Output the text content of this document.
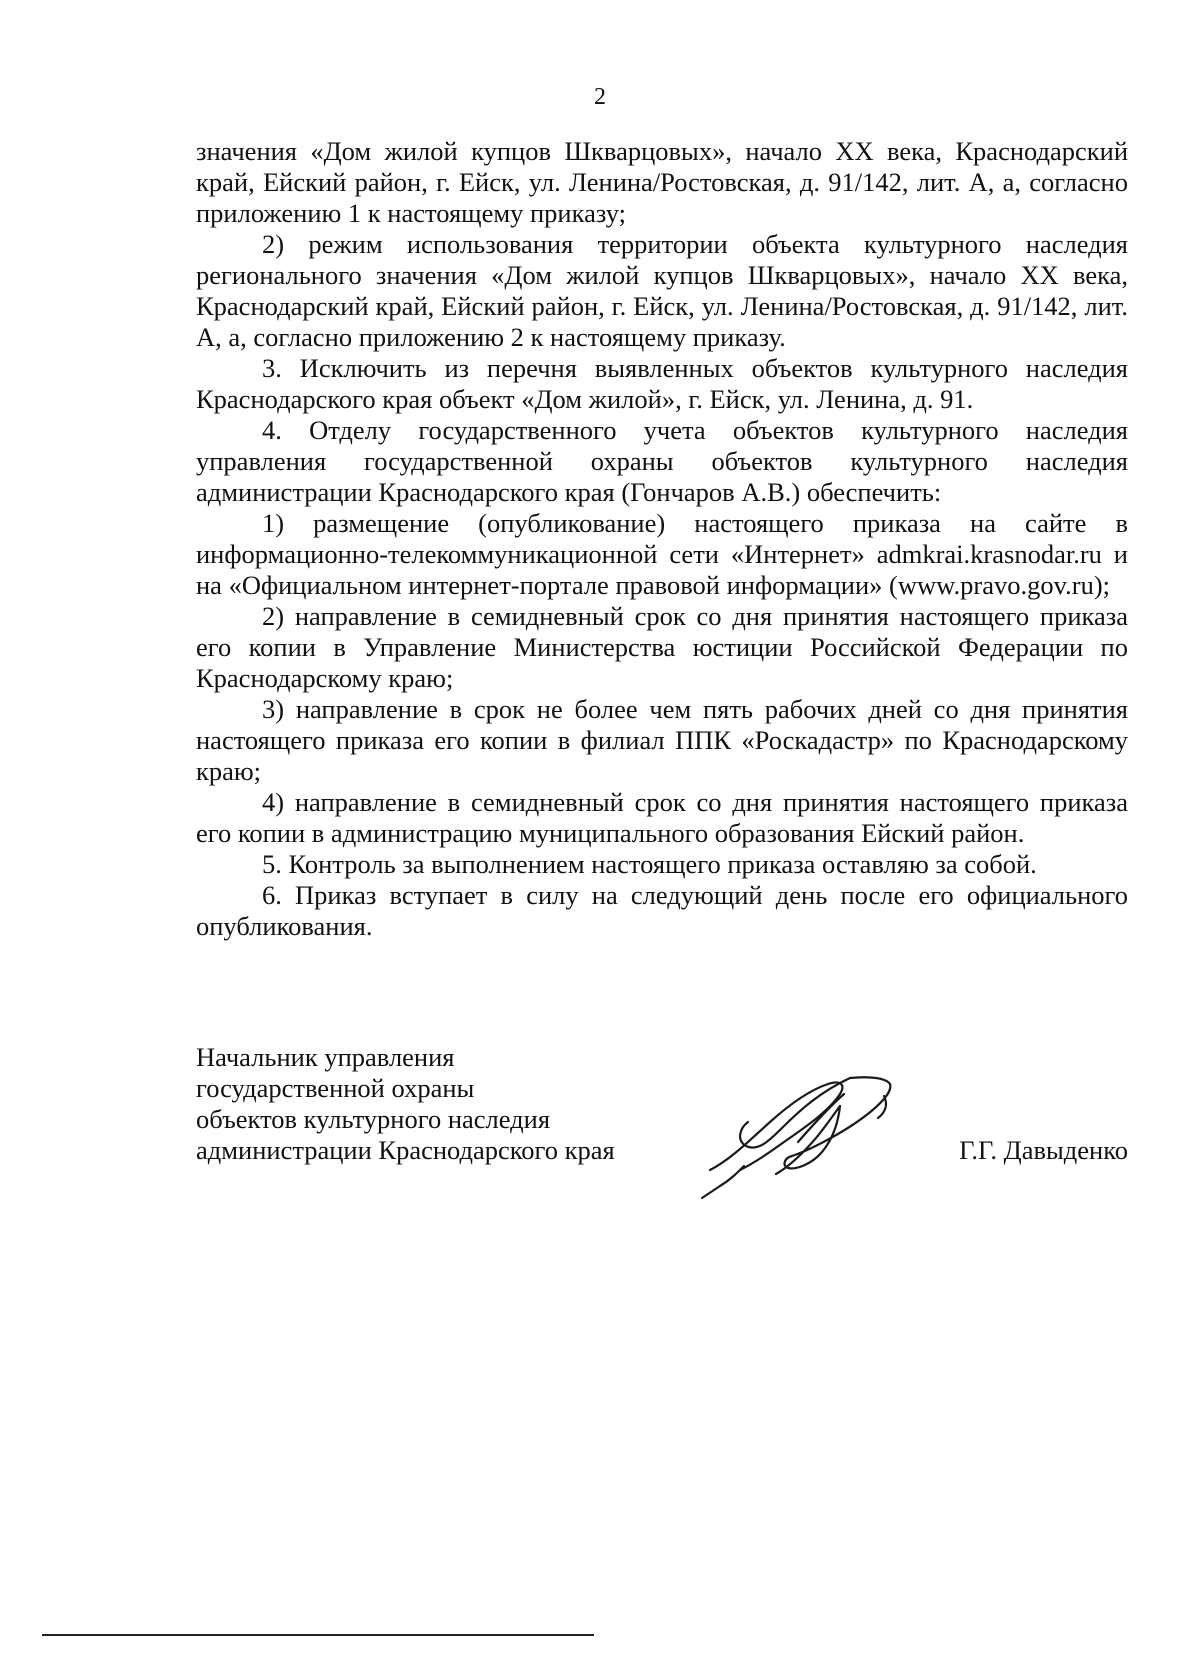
2

значения «Дом жилой купцов Шкварцовых», начало XX века, Краснодарский край, Ейский район, г. Ейск, ул. Ленина/Ростовская, д. 91/142, лит. А, а, согласно приложению 1 к настоящему приказу;

2) режим использования территории объекта культурного наследия регионального значения «Дом жилой купцов Шкварцовых», начало XX века, Краснодарский край, Ейский район, г. Ейск, ул. Ленина/Ростовская, д. 91/142, лит. А, а, согласно приложению 2 к настоящему приказу.

3. Исключить из перечня выявленных объектов культурного наследия Краснодарского края объект «Дом жилой», г. Ейск, ул. Ленина, д. 91.

4. Отделу государственного учета объектов культурного наследия управления государственной охраны объектов культурного наследия администрации Краснодарского края (Гончаров А.В.) обеспечить:

1) размещение (опубликование) настоящего приказа на сайте в информационно-телекоммуникационной сети «Интернет» admkrai.krasnodar.ru и на «Официальном интернет-портале правовой информации» (www.pravo.gov.ru);

2) направление в семидневный срок со дня принятия настоящего приказа его копии в Управление Министерства юстиции Российской Федерации по Краснодарскому краю;

3) направление в срок не более чем пять рабочих дней со дня принятия настоящего приказа его копии в филиал ППК «Роскадастр» по Краснодарскому краю;

4) направление в семидневный срок со дня принятия настоящего приказа его копии в администрацию муниципального образования Ейский район.

5. Контроль за выполнением настоящего приказа оставляю за собой.

6. Приказ вступает в силу на следующий день после его официального опубликования.

Начальник управления
государственной охраны
объектов культурного наследия
администрации Краснодарского края	Г.Г. Давыденко
